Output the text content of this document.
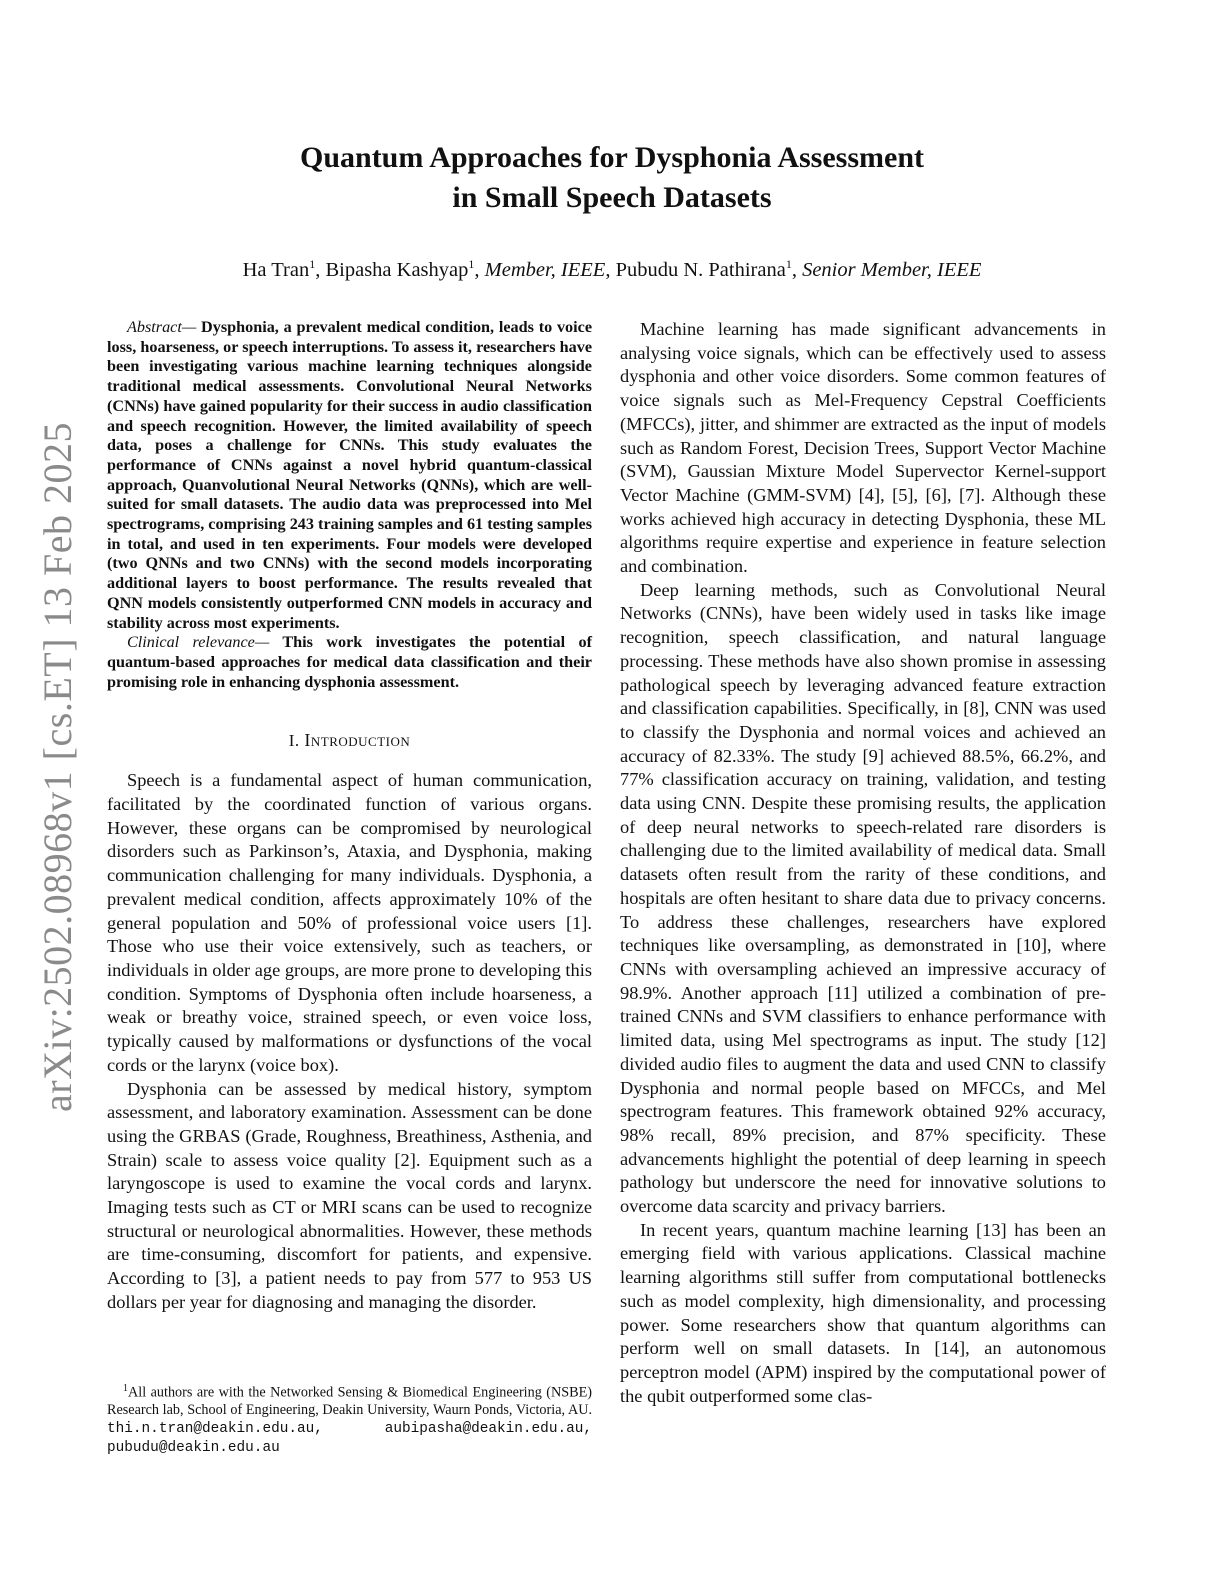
arXiv:2502.08968v1 [cs.ET] 13 Feb 2025
Quantum Approaches for Dysphonia Assessment
in Small Speech Datasets
Ha Tran$^1$, Bipasha Kashyap$^1$, Member, IEEE, Pubudu N. Pathirana$^1$, Senior Member, IEEE

Abstract— Dysphonia, a prevalent medical condition, leads to voice loss, hoarseness, or speech interruptions. To assess it, researchers have been investigating various machine learning techniques alongside traditional medical assessments. Convolutional Neural Networks (CNNs) have gained popularity for their success in audio classification and speech recognition. However, the limited availability of speech data, poses a challenge for CNNs. This study evaluates the performance of CNNs against a novel hybrid quantum-classical approach, Quanvolutional Neural Networks (QNNs), which are well-suited for small datasets. The audio data was preprocessed into Mel spectrograms, comprising 243 training samples and 61 testing samples in total, and used in ten experiments. Four models were developed (two QNNs and two CNNs) with the second models incorporating additional layers to boost performance. The results revealed that QNN models consistently outperformed CNN models in accuracy and stability across most experiments.

Clinical relevance— This work investigates the potential of quantum-based approaches for medical data classification and their promising role in enhancing dysphonia assessment.

I. Introduction

Speech is a fundamental aspect of human communication, facilitated by the coordinated function of various organs. However, these organs can be compromised by neurological disorders such as Parkinson’s, Ataxia, and Dysphonia, making communication challenging for many individuals. Dysphonia, a prevalent medical condition, affects approximately 10% of the general population and 50% of professional voice users [1]. Those who use their voice extensively, such as teachers, or individuals in older age groups, are more prone to developing this condition. Symptoms of Dysphonia often include hoarseness, a weak or breathy voice, strained speech, or even voice loss, typically caused by malformations or dysfunctions of the vocal cords or the larynx (voice box).

Dysphonia can be assessed by medical history, symptom assessment, and laboratory examination. Assessment can be done using the GRBAS (Grade, Roughness, Breathiness, Asthenia, and Strain) scale to assess voice quality [2]. Equipment such as a laryngoscope is used to examine the vocal cords and larynx. Imaging tests such as CT or MRI scans can be used to recognize structural or neurological abnormalities. However, these methods are time-consuming, discomfort for patients, and expensive. According to [3], a patient needs to pay from 577 to 953 US dollars per year for diagnosing and managing the disorder.

$^1$All authors are with the Networked Sensing & Biomedical Engineering (NSBE) Research lab, School of Engineering, Deakin University, Waurn Ponds, Victoria, AU. thi.n.tran@deakin.edu.au, aubipasha@deakin.edu.au, pubudu@deakin.edu.au

Machine learning has made significant advancements in analysing voice signals, which can be effectively used to assess dysphonia and other voice disorders. Some common features of voice signals such as Mel-Frequency Cepstral Coefficients (MFCCs), jitter, and shimmer are extracted as the input of models such as Random Forest, Decision Trees, Support Vector Machine (SVM), Gaussian Mixture Model Supervector Kernel-support Vector Machine (GMM-SVM) [4], [5], [6], [7]. Although these works achieved high accuracy in detecting Dysphonia, these ML algorithms require expertise and experience in feature selection and combination.

Deep learning methods, such as Convolutional Neural Networks (CNNs), have been widely used in tasks like image recognition, speech classification, and natural language processing. These methods have also shown promise in assessing pathological speech by leveraging advanced feature extraction and classification capabilities. Specifically, in [8], CNN was used to classify the Dysphonia and normal voices and achieved an accuracy of 82.33%. The study [9] achieved 88.5%, 66.2%, and 77% classification accuracy on training, validation, and testing data using CNN. Despite these promising results, the application of deep neural networks to speech-related rare disorders is challenging due to the limited availability of medical data. Small datasets often result from the rarity of these conditions, and hospitals are often hesitant to share data due to privacy concerns. To address these challenges, researchers have explored techniques like oversampling, as demonstrated in [10], where CNNs with oversampling achieved an impressive accuracy of 98.9%. Another approach [11] utilized a combination of pre-trained CNNs and SVM classifiers to enhance performance with limited data, using Mel spectrograms as input. The study [12] divided audio files to augment the data and used CNN to classify Dysphonia and normal people based on MFCCs, and Mel spectrogram features. This framework obtained 92% accuracy, 98% recall, 89% precision, and 87% specificity. These advancements highlight the potential of deep learning in speech pathology but underscore the need for innovative solutions to overcome data scarcity and privacy barriers.

In recent years, quantum machine learning [13] has been an emerging field with various applications. Classical machine learning algorithms still suffer from computational bottlenecks such as model complexity, high dimensionality, and processing power. Some researchers show that quantum algorithms can perform well on small datasets. In [14], an autonomous perceptron model (APM) inspired by the computational power of the qubit outperformed some clas-
